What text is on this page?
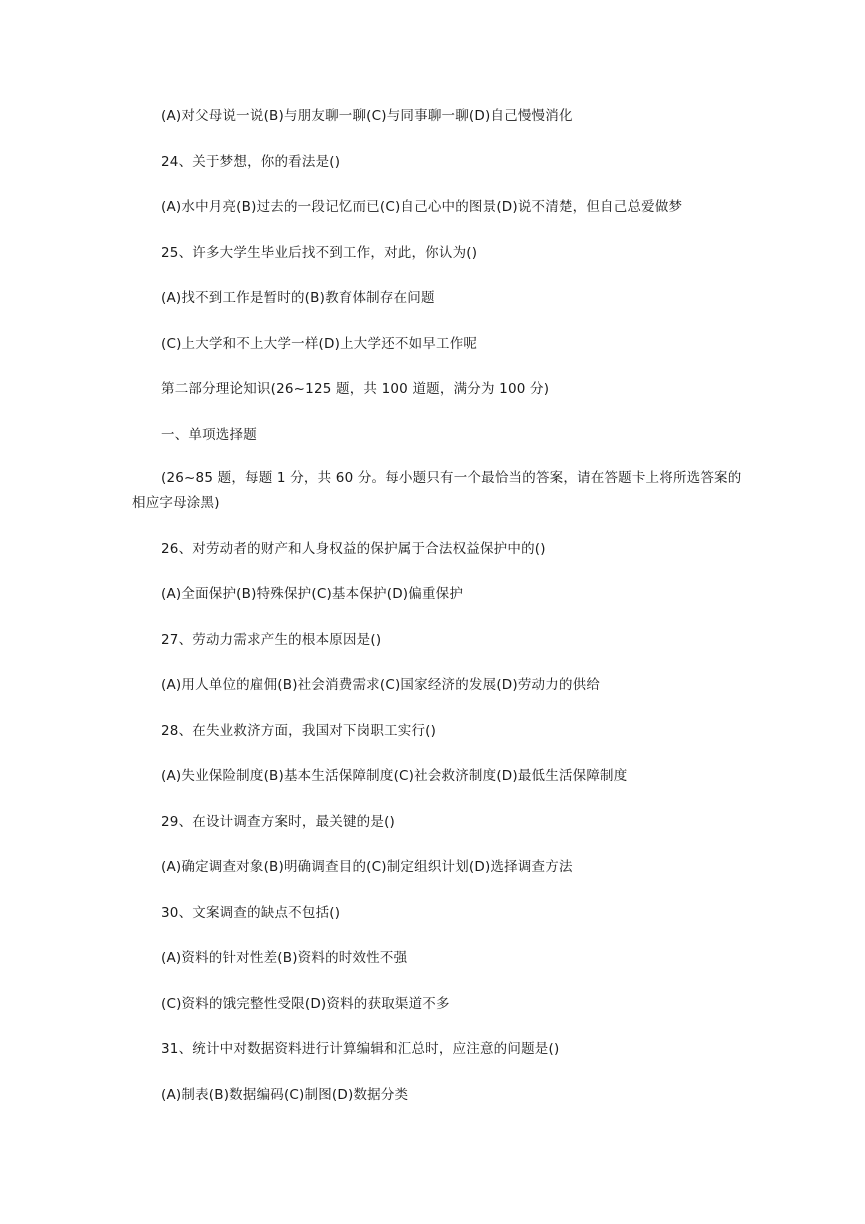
(A)对父母说一说(B)与朋友聊一聊(C)与同事聊一聊(D)自己慢慢消化
24、关于梦想，你的看法是()
(A)水中月亮(B)过去的一段记忆而已(C)自己心中的图景(D)说不清楚，但自己总爱做梦
25、许多大学生毕业后找不到工作，对此，你认为()
(A)找不到工作是暂时的(B)教育体制存在问题
(C)上大学和不上大学一样(D)上大学还不如早工作呢
第二部分理论知识(26~125 题，共 100 道题，满分为 100 分)
一、单项选择题
(26~85 题，每题 1 分，共 60 分。每小题只有一个最恰当的答案，请在答题卡上将所选答案的相应字母涂黑)
26、对劳动者的财产和人身权益的保护属于合法权益保护中的()
(A)全面保护(B)特殊保护(C)基本保护(D)偏重保护
27、劳动力需求产生的根本原因是()
(A)用人单位的雇佣(B)社会消费需求(C)国家经济的发展(D)劳动力的供给
28、在失业救济方面，我国对下岗职工实行()
(A)失业保险制度(B)基本生活保障制度(C)社会救济制度(D)最低生活保障制度
29、在设计调查方案时，最关键的是()
(A)确定调查对象(B)明确调查目的(C)制定组织计划(D)选择调查方法
30、文案调查的缺点不包括()
(A)资料的针对性差(B)资料的时效性不强
(C)资料的饿完整性受限(D)资料的获取渠道不多
31、统计中对数据资料进行计算编辑和汇总时，应注意的问题是()
(A)制表(B)数据编码(C)制图(D)数据分类
